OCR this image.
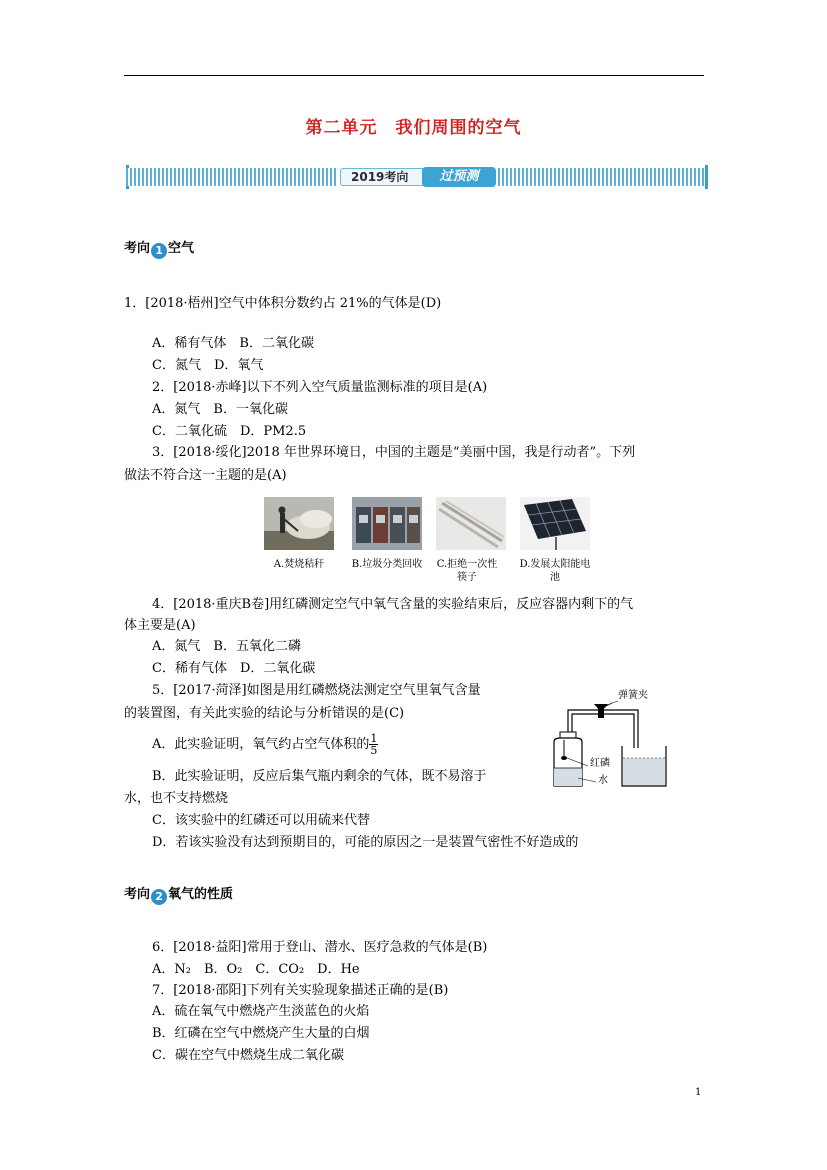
第二单元　我们周围的空气
2019考向	过预测
考向 1 空气
1．[2018·梧州]空气中体积分数约占 21%的气体是(D)
A．稀有气体　B．二氧化碳
C．氮气　D．氧气
2．[2018·赤峰]以下不列入空气质量监测标准的项目是(A)
A．氮气　B．一氧化碳
C．二氧化硫　D．PM2.5
3．[2018·绥化]2018 年世界环境日，中国的主题是“美丽中国，我是行动者”。下列
做法不符合这一主题的是(A)
A.焚烧秸秆	B.垃圾分类回收	C.拒绝一次性筷子
D.发展太阳能电池
4．[2018·重庆B卷]用红磷测定空气中氧气含量的实验结束后，反应容器内剩下的气
体主要是(A)
A．氮气　B．五氧化二磷
C．稀有气体　D．二氧化碳
5．[2017·菏泽]如图是用红磷燃烧法测定空气里氧气含量
的装置图，有关此实验的结论与分析错误的是(C)
A．此实验证明，氧气约占空气体积的 $\frac{1}{5}$
B．此实验证明，反应后集气瓶内剩余的气体，既不易溶于
水，也不支持燃烧
C．该实验中的红磷还可以用硫来代替
D．若该实验没有达到预期目的，可能的原因之一是装置气密性不好造成的
弹簧夹
红磷
水
考向 2 氧气的性质
6．[2018·益阳]常用于登山、潜水、医疗急救的气体是(B)
A．N₂　B．O₂　C．CO₂　D．He
7．[2018·邵阳]下列有关实验现象描述正确的是(B)
A．硫在氧气中燃烧产生淡蓝色的火焰
B．红磷在空气中燃烧产生大量的白烟
C．碳在空气中燃烧生成二氧化碳
1
